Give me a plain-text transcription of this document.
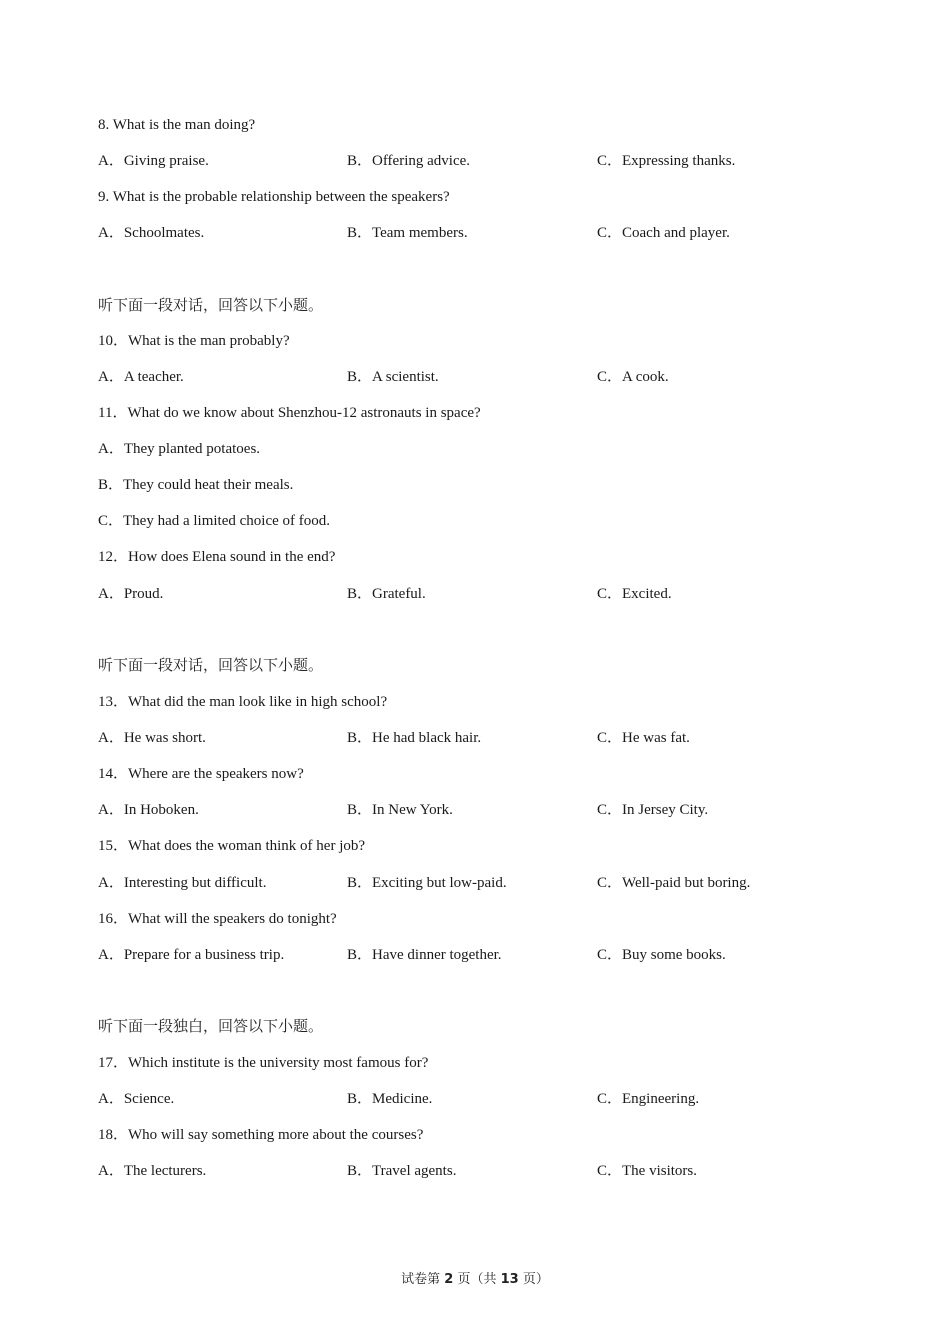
8. What is the man doing?
A．Giving praise.	B．Offering advice.	C．Expressing thanks.
9. What is the probable relationship between the speakers?
A．Schoolmates.	B．Team members.	C．Coach and player.
听下面一段对话，回答以下小题。
10．What is the man probably?
A．A teacher.	B．A scientist.	C．A cook.
11．What do we know about Shenzhou-12 astronauts in space?
A．They planted potatoes.
B．They could heat their meals.
C．They had a limited choice of food.
12．How does Elena sound in the end?
A．Proud.	B．Grateful.	C．Excited.
听下面一段对话，回答以下小题。
13．What did the man look like in high school?
A．He was short.	B．He had black hair.	C．He was fat.
14．Where are the speakers now?
A．In Hoboken.	B．In New York.	C．In Jersey City.
15．What does the woman think of her job?
A．Interesting but difficult.	B．Exciting but low-paid.	C．Well-paid but boring.
16．What will the speakers do tonight?
A．Prepare for a business trip.	B．Have dinner together.	C．Buy some books.
听下面一段独白，回答以下小题。
17．Which institute is the university most famous for?
A．Science.	B．Medicine.	C．Engineering.
18．Who will say something more about the courses?
A．The lecturers.	B．Travel agents.	C．The visitors.
试卷第 2 页（共 13 页）
